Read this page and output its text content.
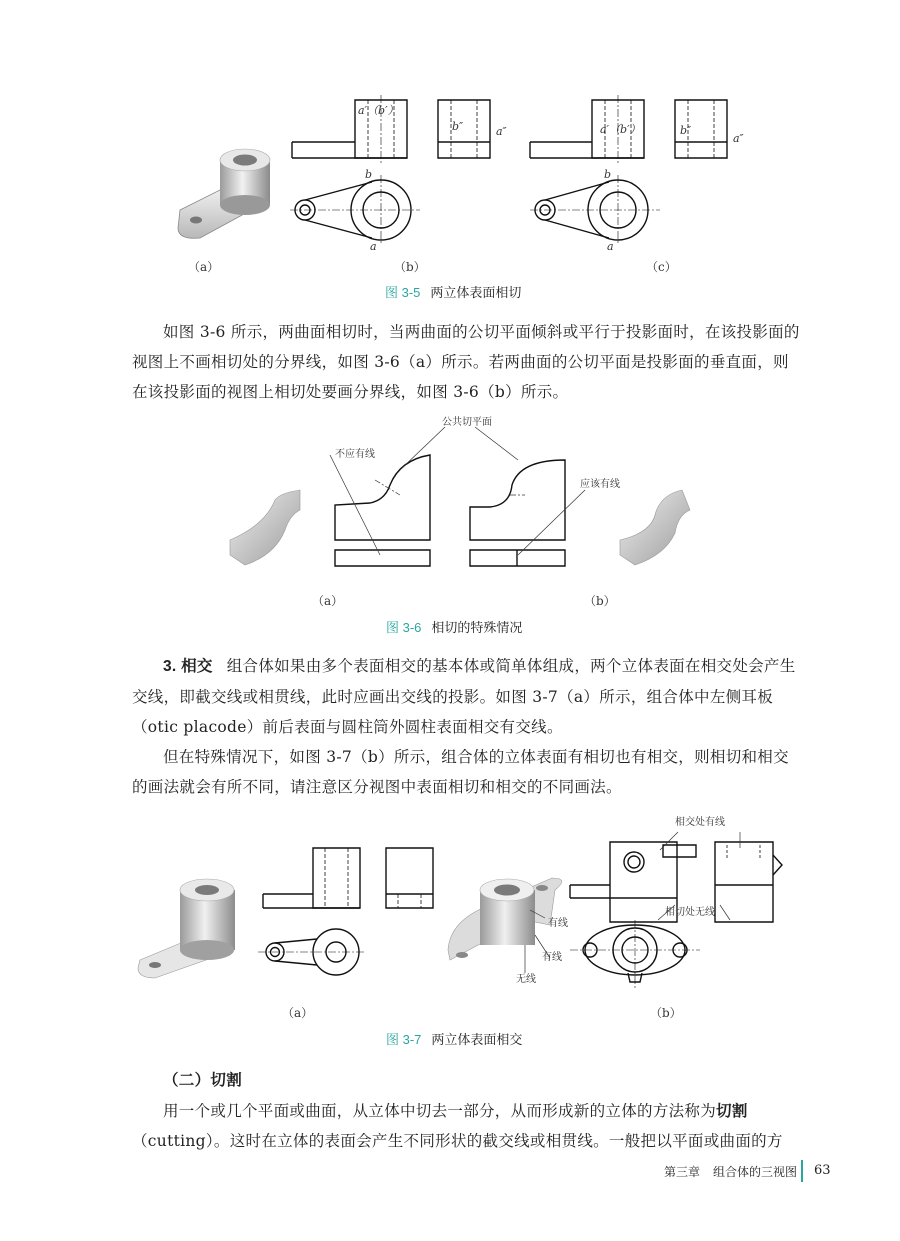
a′（b′）
b″	a″
b
a
a′（b′）	b″
a″
b
a
（a）	（b）	（c）
图 3-5 两立体表面相切

如图 3-6 所示，两曲面相切时，当两曲面的公切平面倾斜或平行于投影面时，在该投影面的视图上不画相切处的分界线，如图 3-6（a）所示。若两曲面的公切平面是投影面的垂直面，则在该投影面的视图上相切处要画分界线，如图 3-6（b）所示。

公共切平面
不应有线
应该有线
（a）	（b）
图 3-6 相切的特殊情况

3. 相交 组合体如果由多个表面相交的基本体或简单体组成，两个立体表面在相交处会产生交线，即截交线或相贯线，此时应画出交线的投影。如图 3-7（a）所示，组合体中左侧耳板（otic placode）前后表面与圆柱筒外圆柱表面相交有交线。

但在特殊情况下，如图 3-7（b）所示，组合体的立体表面有相切也有相交，则相切和相交的画法就会有所不同，请注意区分视图中表面相切和相交的不同画法。

相交处有线
相切处无线
有线
有线
无线
（a）	（b）
图 3-7 两立体表面相交

（二）切割

用一个或几个平面或曲面，从立体中切去一部分，从而形成新的立体的方法称为切割（cutting）。这时在立体的表面会产生不同形状的截交线或相贯线。一般把以平面或曲面的方

第三章 组合体的三视图 63
